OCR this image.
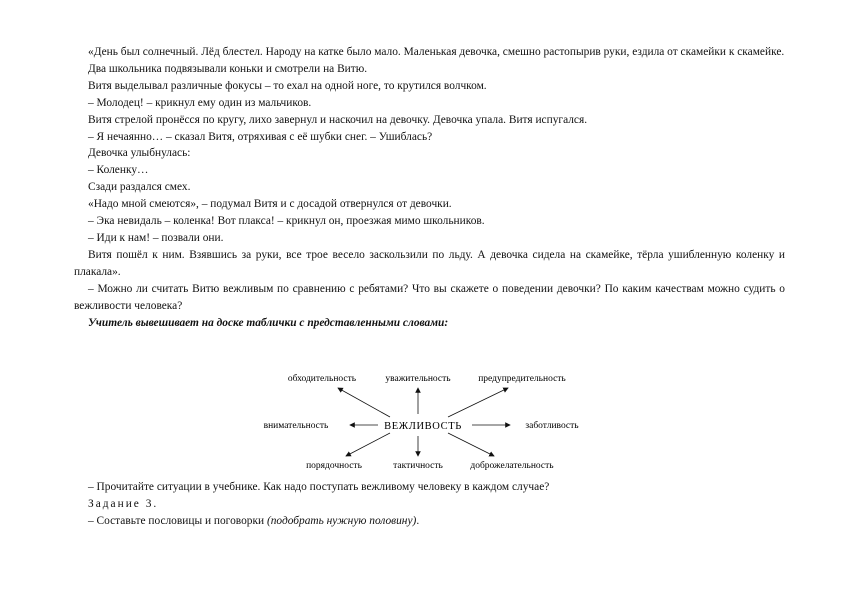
«День был солнечный. Лёд блестел. Народу на катке было мало. Маленькая девочка, смешно растопырив руки, ездила от скамейки к скамейке.

Два школьника подвязывали коньки и смотрели на Витю.

Витя выделывал различные фокусы – то ехал на одной ноге, то крутился волчком.

– Молодец! – крикнул ему один из мальчиков.

Витя стрелой пронёсся по кругу, лихо завернул и наскочил на девочку. Девочка упала. Витя испугался.

– Я нечаянно… – сказал Витя, отряхивая с её шубки снег. – Ушиблась?

Девочка улыбнулась:

– Коленку…

Сзади раздался смех.

«Надо мной смеются», – подумал Витя и с досадой отвернулся от девочки.

– Эка невидаль – коленка! Вот плакса! – крикнул он, проезжая мимо школьников.

– Иди к нам! – позвали они.

Витя пошёл к ним. Взявшись за руки, все трое весело заскользили по льду. А девочка сидела на скамейке, тёрла ушибленную коленку и плакала».

– Можно ли считать Витю вежливым по сравнению с ребятами? Что вы скажете о поведении девочки? По каким качествам можно судить о вежливости человека?

Учитель вывешивает на доске таблички с представленными словами:

ВЕЖЛИВОСТЬ
обходительность	уважительность	предупредительность
внимательность	заботливость
порядочность	тактичность	доброжелательность

– Прочитайте ситуации в учебнике. Как надо поступать вежливому человеку в каждом случае?

Задание 3.

– Составьте пословицы и поговорки (подобрать нужную половину).
